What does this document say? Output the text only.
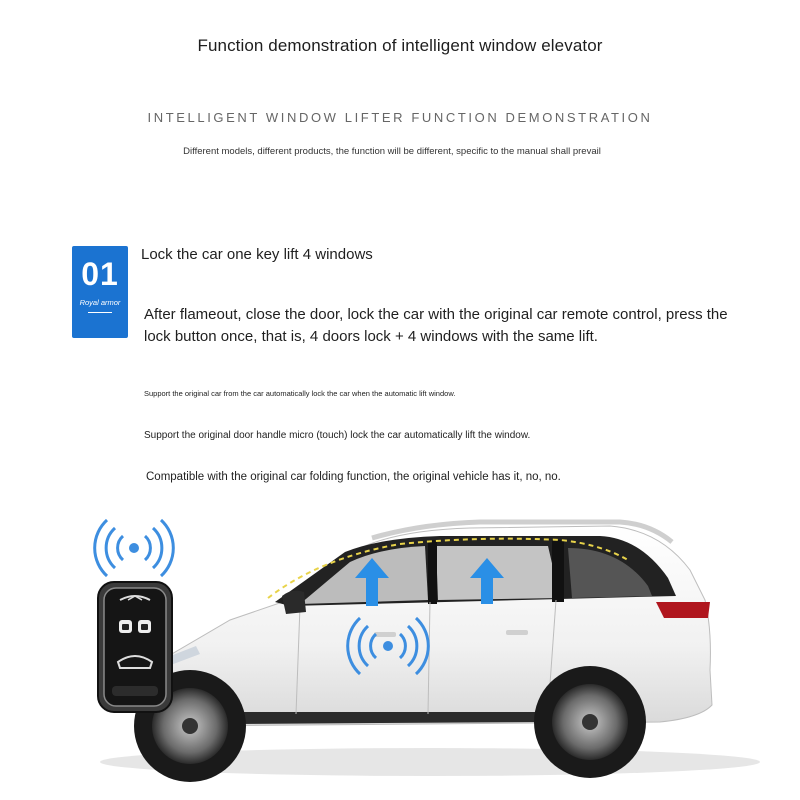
Function demonstration of intelligent window elevator
INTELLIGENT WINDOW LIFTER FUNCTION DEMONSTRATION
Different models, different products, the function will be different, specific to the manual shall prevail
01
Royal armor
Lock the car one key lift 4 windows
After flameout, close the door, lock the car with the original car remote control, press the lock button once, that is, 4 doors lock + 4 windows with the same lift.
Support the original car from the car automatically lock the car when the automatic lift window.
Support the original door handle micro (touch) lock the car automatically lift the window.
Compatible with the original car folding function, the original vehicle has it, no, no.
